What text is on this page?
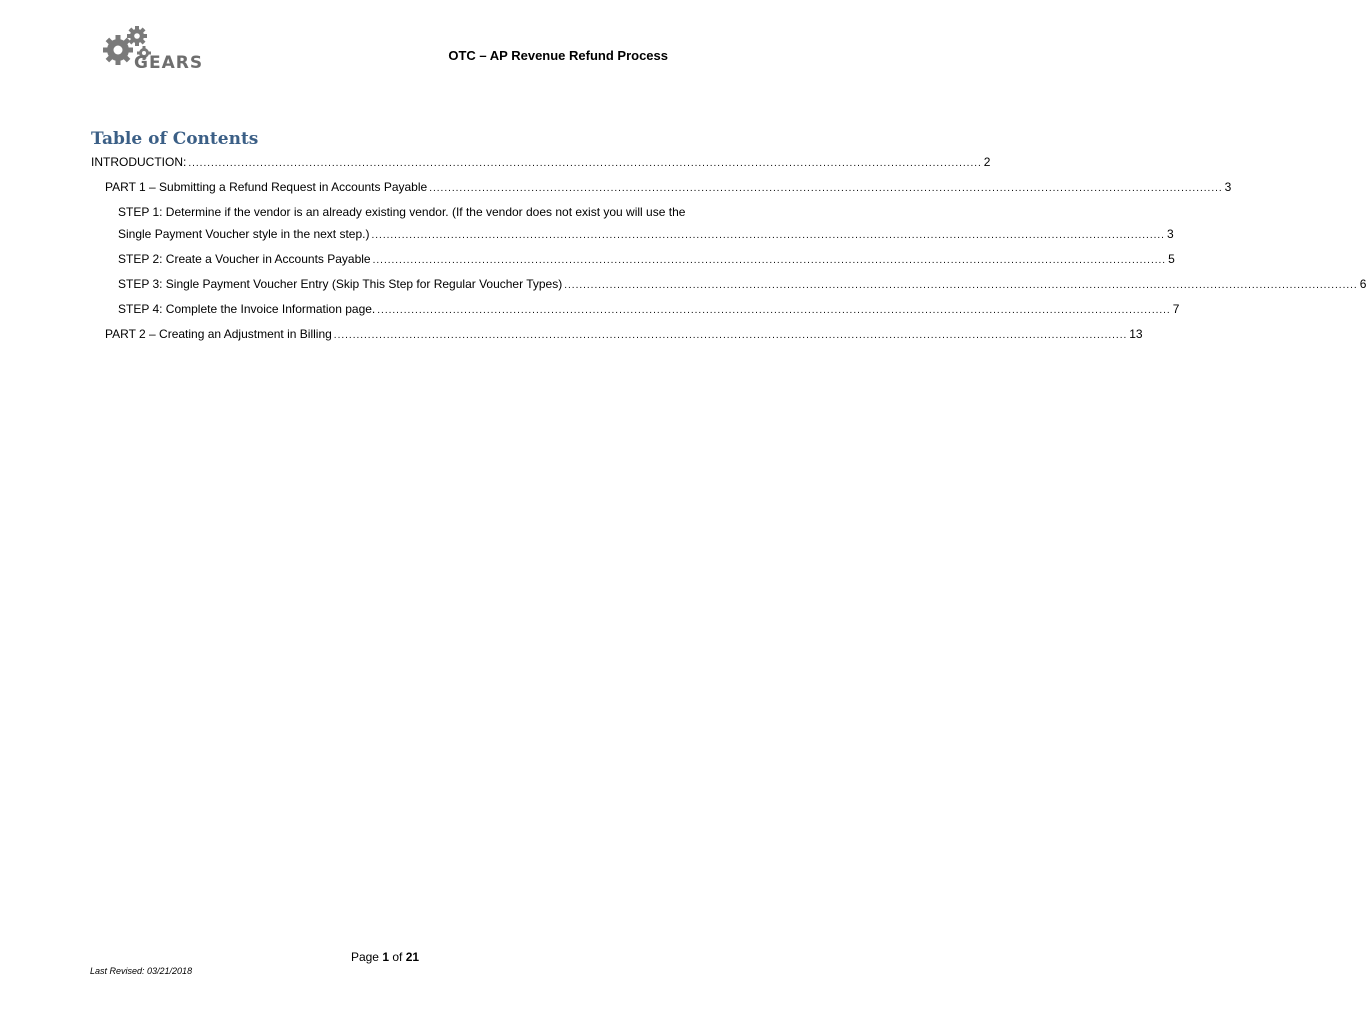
GEARS	OTC – AP Revenue Refund Process
Table of Contents
INTRODUCTION: .................................................................................................................................................................................................................. 2
PART 1 – Submitting a Refund Request in Accounts Payable .................................................................................................................................................................................................................. 3
STEP 1: Determine if the vendor is an already existing vendor. (If the vendor does not exist you will use the
Single Payment Voucher style in the next step.) .................................................................................................................................................................................................................. 3
STEP 2: Create a Voucher in Accounts Payable .................................................................................................................................................................................................................. 5
STEP 3: Single Payment Voucher Entry (Skip This Step for Regular Voucher Types) .................................................................................................................................................................................................................. 6
STEP 4: Complete the Invoice Information page. .................................................................................................................................................................................................................. 7
PART 2 – Creating an Adjustment in Billing .................................................................................................................................................................................................................. 13
Page 1 of 21
Last Revised: 03/21/2018
